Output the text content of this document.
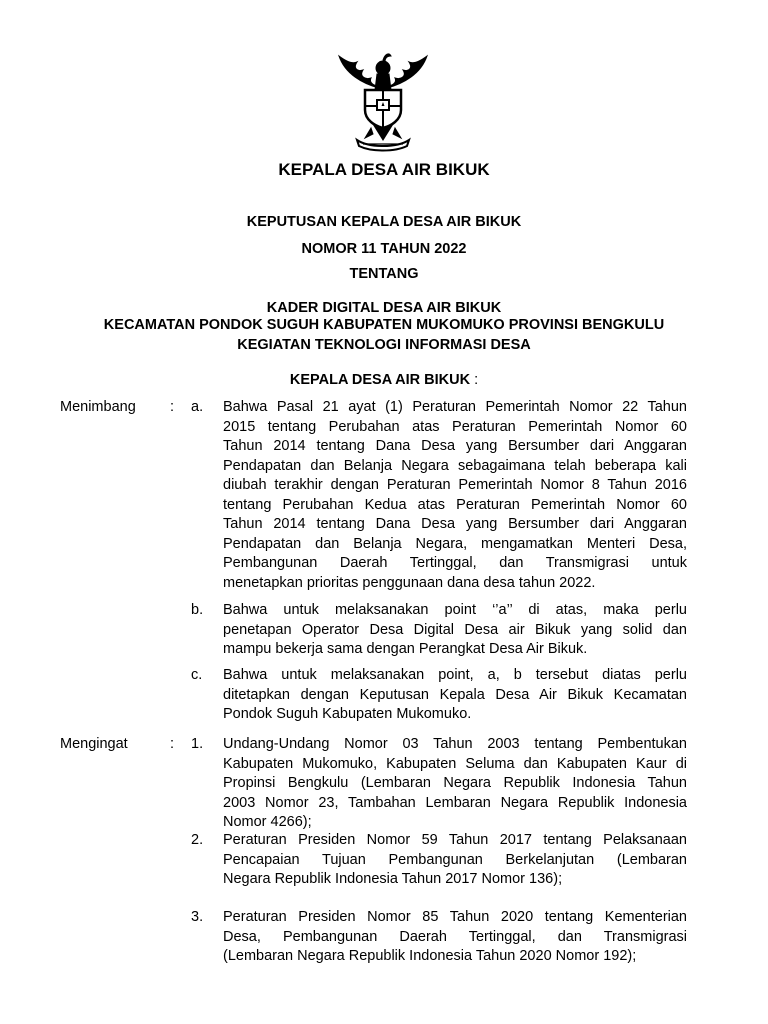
KEPALA DESA AIR BIKUK
KEPUTUSAN KEPALA DESA AIR BIKUK
NOMOR 11 TAHUN 2022
TENTANG
KADER DIGITAL DESA AIR BIKUK
KECAMATAN PONDOK SUGUH KABUPATEN MUKOMUKO PROVINSI BENGKULU
KEGIATAN TEKNOLOGI INFORMASI DESA
KEPALA DESA AIR BIKUK :
Menimbang : a. Bahwa Pasal 21 ayat (1) Peraturan Pemerintah Nomor 22 Tahun
2015 tentang Perubahan atas Peraturan Pemerintah Nomor 60
Tahun 2014 tentang Dana Desa yang Bersumber dari Anggaran
Pendapatan dan Belanja Negara sebagaimana telah beberapa kali
diubah terakhir dengan Peraturan Pemerintah Nomor 8 Tahun 2016
tentang Perubahan Kedua atas Peraturan Pemerintah Nomor 60
Tahun 2014 tentang Dana Desa yang Bersumber dari Anggaran
Pendapatan dan Belanja Negara, mengamatkan Menteri Desa,
Pembangunan Daerah Tertinggal, dan Transmigrasi untuk
menetapkan prioritas penggunaan dana desa tahun 2022.
b. Bahwa untuk melaksanakan point ‘’a’’ di atas, maka perlu
penetapan Operator Desa Digital Desa air Bikuk yang solid dan
mampu bekerja sama dengan Perangkat Desa Air Bikuk.
c. Bahwa untuk melaksanakan point, a, b tersebut diatas perlu
ditetapkan dengan Keputusan Kepala Desa Air Bikuk Kecamatan
Pondok Suguh Kabupaten Mukomuko.
Mengingat	: 1. Undang-Undang Nomor 03 Tahun 2003 tentang Pembentukan
Kabupaten Mukomuko, Kabupaten Seluma dan Kabupaten Kaur di
Propinsi Bengkulu (Lembaran Negara Republik Indonesia Tahun
2003 Nomor 23, Tambahan Lembaran Negara Republik Indonesia
Nomor 4266);
2. Peraturan Presiden Nomor 59 Tahun 2017 tentang Pelaksanaan
Pencapaian Tujuan Pembangunan Berkelanjutan (Lembaran
Negara Republik Indonesia Tahun 2017 Nomor 136);
3. Peraturan Presiden Nomor 85 Tahun 2020 tentang Kementerian
Desa, Pembangunan Daerah Tertinggal, dan Transmigrasi
(Lembaran Negara Republik Indonesia Tahun 2020 Nomor 192);
